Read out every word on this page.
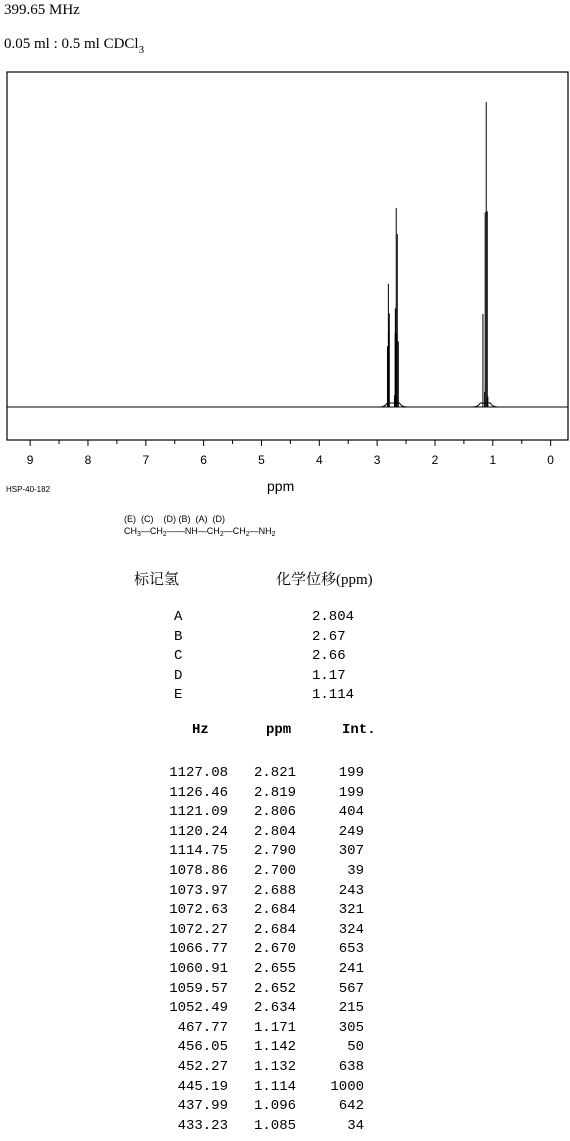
399.65 MHz
0.05 ml : 0.5 ml CDCl$_3$
9	8	7	6	5	4	3	2	1	0
HSP-40-182	ppm
(E)  (C)    (D) (B)  (A)  (D)
$CH_3—CH_2——NH—CH_2—CH_2—NH_2$
标记氢	化学位移(ppm)
A	2.804
B	2.67
C	2.66
D	1.17
E	1.114
Hz	ppm	Int.
1127.08	2.821	199
1126.46	2.819	199
1121.09	2.806	404
1120.24	2.804	249
1114.75	2.790	307
1078.86	2.700	39
1073.97	2.688	243
1072.63	2.684	321
1072.27	2.684	324
1066.77	2.670	653
1060.91	2.655	241
1059.57	2.652	567
1052.49	2.634	215
467.77	1.171	305
456.05	1.142	50
452.27	1.132	638
445.19	1.114	1000
437.99	1.096	642
433.23	1.085	34
